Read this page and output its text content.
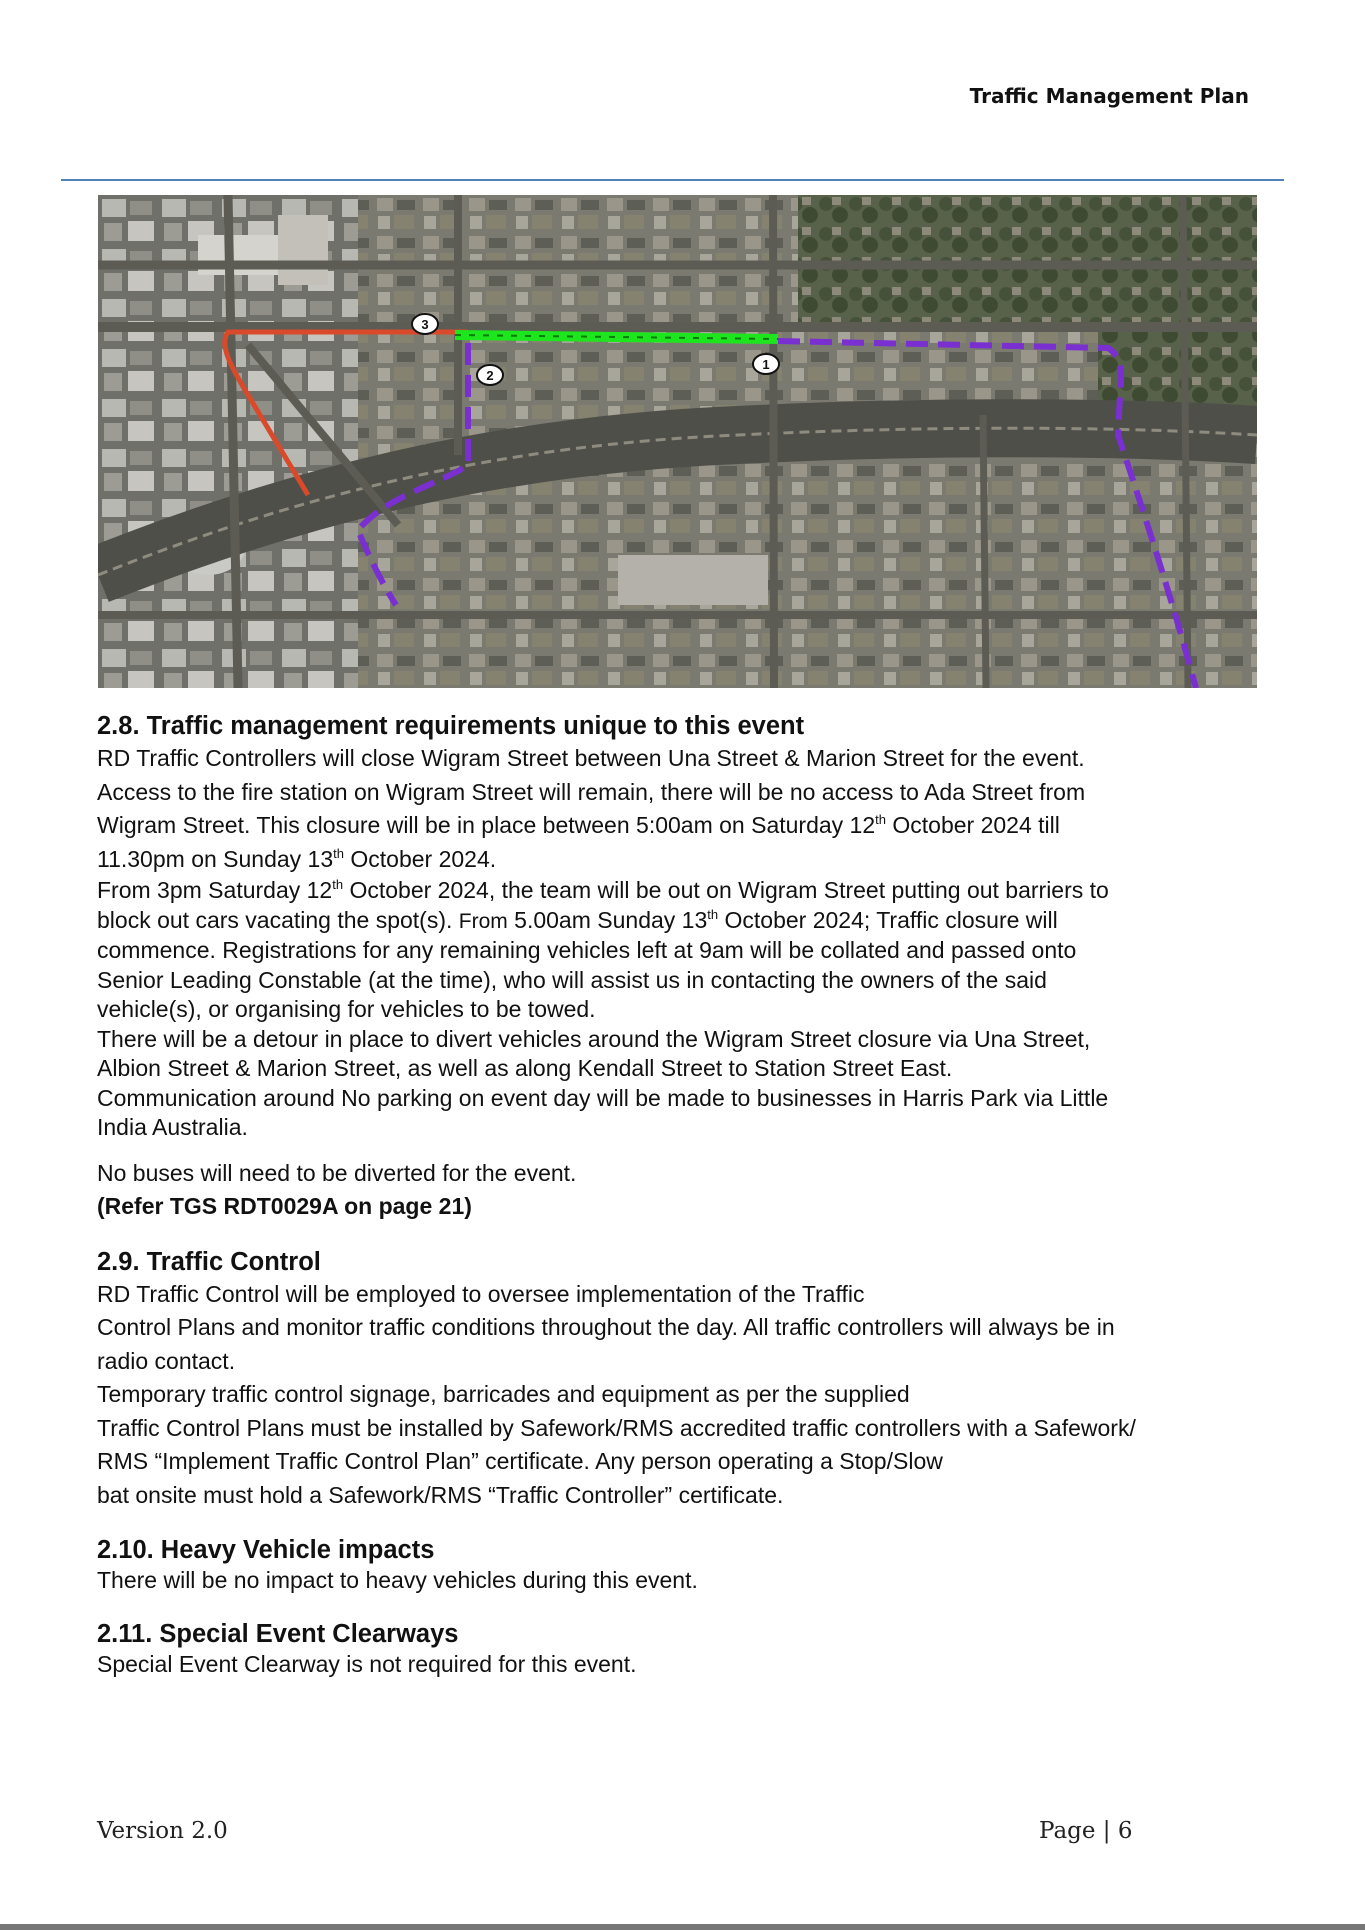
Traffic Management Plan
3
2
1
2.8. Traffic management requirements unique to this event

RD Traffic Controllers will close Wigram Street between Una Street & Marion Street for the event.

Access to the fire station on Wigram Street will remain, there will be no access to Ada Street from

Wigram Street. This closure will be in place between 5:00am on Saturday 12th October 2024 till

11.30pm on Sunday 13th October 2024.

From 3pm Saturday 12th October 2024, the team will be out on Wigram Street putting out barriers to

block out cars vacating the spot(s). From 5.00am Sunday 13th October 2024; Traffic closure will

commence. Registrations for any remaining vehicles left at 9am will be collated and passed onto

Senior Leading Constable (at the time), who will assist us in contacting the owners of the said

vehicle(s), or organising for vehicles to be towed.

There will be a detour in place to divert vehicles around the Wigram Street closure via Una Street,

Albion Street & Marion Street, as well as along Kendall Street to Station Street East.

Communication around No parking on event day will be made to businesses in Harris Park via Little

India Australia.

No buses will need to be diverted for the event.

(Refer TGS RDT0029A on page 21)

2.9. Traffic Control

RD Traffic Control will be employed to oversee implementation of the Traffic

Control Plans and monitor traffic conditions throughout the day. All traffic controllers will always be in

radio contact.

Temporary traffic control signage, barricades and equipment as per the supplied

Traffic Control Plans must be installed by Safework/RMS accredited traffic controllers with a Safework/

RMS “Implement Traffic Control Plan” certificate. Any person operating a Stop/Slow

bat onsite must hold a Safework/RMS “Traffic Controller” certificate.

2.10. Heavy Vehicle impacts

There will be no impact to heavy vehicles during this event.

2.11. Special Event Clearways

Special Event Clearway is not required for this event.

Version 2.0	Page | 6
